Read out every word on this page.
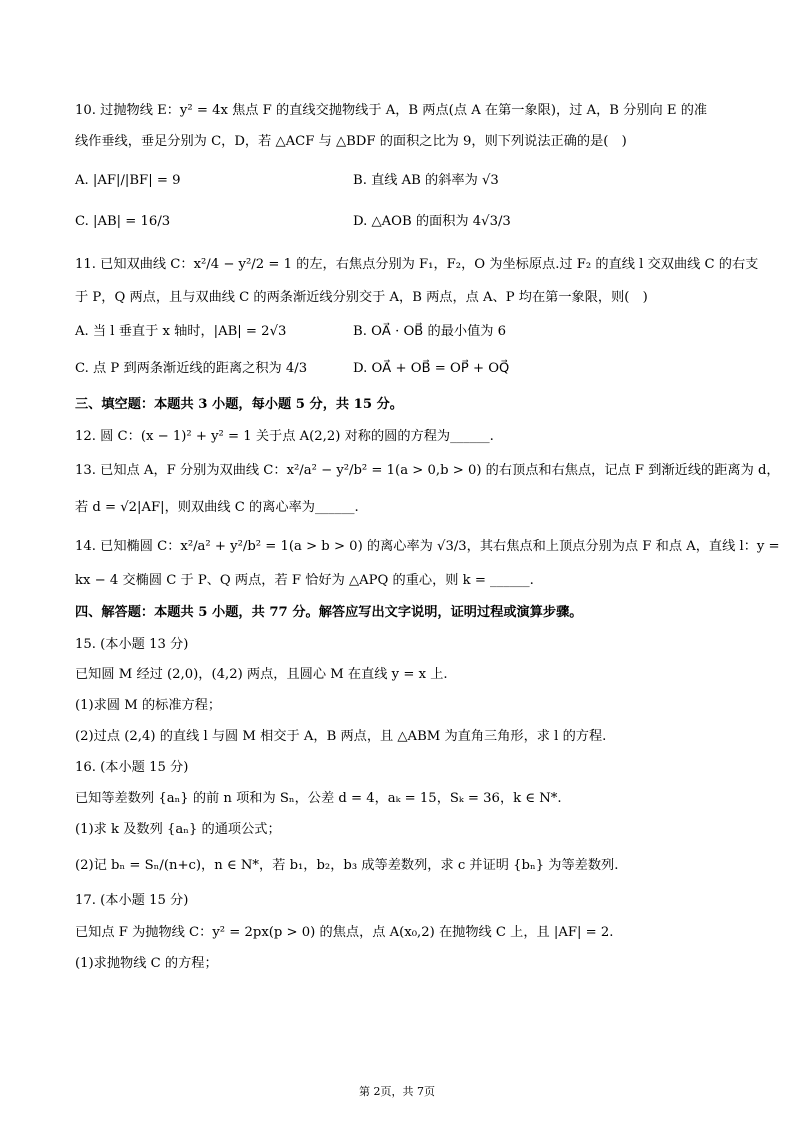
10. 过抛物线 E：y² = 4x 焦点 F 的直线交抛物线于 A，B 两点(点 A 在第一象限)，过 A，B 分别向 E 的准
线作垂线，垂足分别为 C，D，若 △ACF 与 △BDF 的面积之比为 9，则下列说法正确的是(　)
A. |AF|/|BF| = 9	B. 直线 AB 的斜率为 √3
C. |AB| = 16/3	D. △AOB 的面积为 4√3/3
11. 已知双曲线 C：x²/4 − y²/2 = 1 的左，右焦点分别为 F₁，F₂，O 为坐标原点.过 F₂ 的直线 l 交双曲线 C 的右支
于 P，Q 两点，且与双曲线 C 的两条渐近线分别交于 A，B 两点，点 A、P 均在第一象限，则(　)
A. 当 l 垂直于 x 轴时，|AB| = 2√3	B. OA⃗ · OB⃗ 的最小值为 6
C. 点 P 到两条渐近线的距离之积为 4/3	D. OA⃗ + OB⃗ = OP⃗ + OQ⃗
三、填空题：本题共 3 小题，每小题 5 分，共 15 分。
12. 圆 C：(x − 1)² + y² = 1 关于点 A(2,2) 对称的圆的方程为______.
13. 已知点 A，F 分别为双曲线 C：x²/a² − y²/b² = 1(a > 0,b > 0) 的右顶点和右焦点，记点 F 到渐近线的距离为 d，
若 d = √2|AF|，则双曲线 C 的离心率为______.
14. 已知椭圆 C：x²/a² + y²/b² = 1(a > b > 0) 的离心率为 √3/3，其右焦点和上顶点分别为点 F 和点 A，直线 l：y =
kx − 4 交椭圆 C 于 P、Q 两点，若 F 恰好为 △APQ 的重心，则 k = ______.
四、解答题：本题共 5 小题，共 77 分。解答应写出文字说明，证明过程或演算步骤。
15. (本小题 13 分)
已知圆 M 经过 (2,0)，(4,2) 两点，且圆心 M 在直线 y = x 上.
(1)求圆 M 的标准方程；
(2)过点 (2,4) 的直线 l 与圆 M 相交于 A，B 两点，且 △ABM 为直角三角形，求 l 的方程.
16. (本小题 15 分)
已知等差数列 {aₙ} 的前 n 项和为 Sₙ，公差 d = 4，aₖ = 15，Sₖ = 36，k ∈ N*.
(1)求 k 及数列 {aₙ} 的通项公式；
(2)记 bₙ = Sₙ/(n+c)，n ∈ N*，若 b₁，b₂，b₃ 成等差数列，求 c 并证明 {bₙ} 为等差数列.
17. (本小题 15 分)
已知点 F 为抛物线 C：y² = 2px(p > 0) 的焦点，点 A(x₀,2) 在抛物线 C 上，且 |AF| = 2.
(1)求抛物线 C 的方程；
第 2页，共 7页
